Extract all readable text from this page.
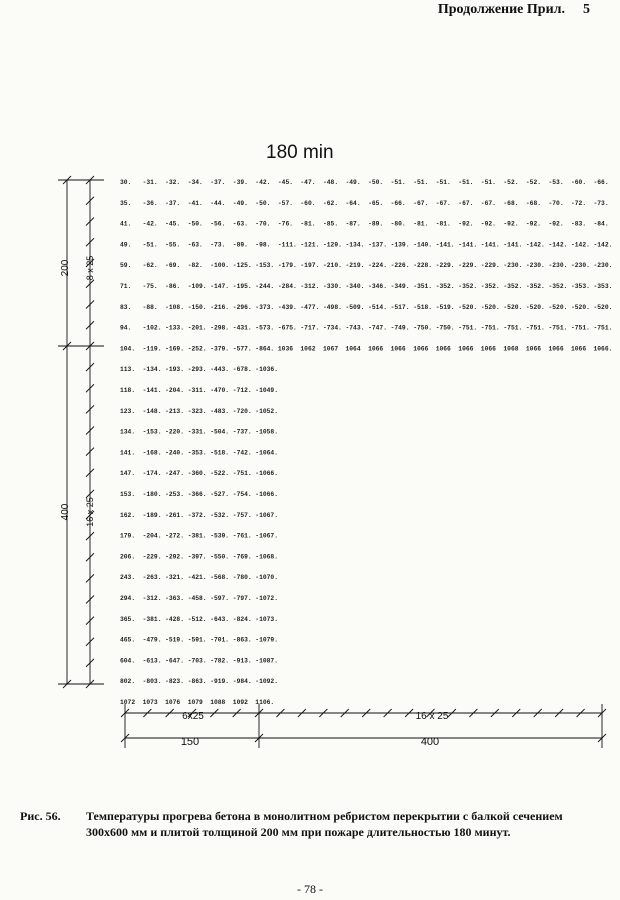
Продолжение Прил. 5
180 min
30. -31. -32. -34. -37. -39. -42. -45. -47. -48. -49. -50. -51. -51. -51. -51. -51. -52. -52. -53. -60. -66.
35. -36. -37. -41. -44. -49. -50. -57. -60. -62. -64. -65. -66. -67. -67. -67. -67. -68. -68. -70. -72. -73.
41. -42. -45. -50. -56. -63. -70. -76. -81. -85. -87. -89. -80. -81. -81. -92. -92. -92. -92. -92. -83. -84.
49. -51. -55. -63. -73. -89. -98. -111. -121. -129. -134. -137. -139. -140. -141. -141. -141. -141. -142. -142. -142. -142.
59. -62. -69. -82. -100. -125. -153. -179. -197. -210. -219. -224. -226. -228. -229. -229. -229. -230. -230. -230. -230. -230.
71. -75. -86. -109. -147. -195. -244. -284. -312. -330. -340. -346. -349. -351. -352. -352. -352. -352. -352. -352. -353. -353.
83. -88. -108. -150. -216. -296. -373. -439. -477. -498. -509. -514. -517. -518. -519. -520. -520. -520. -520. -520. -520. -520.
94. -102. -133. -201. -298. -431. -573. -675. -717. -734. -743. -747. -749. -750. -750. -751. -751. -751. -751. -751. -751. -751.
104. -119. -169. -252. -379. -577. -864. 1036 1062 1067 1064 1066 1066 1066 1066 1066 1066 1068 1066 1066 1066 1066.
113. -134. -193. -293. -443. -678. -1036.
118. -141. -204. -311. -470. -712. -1049.
123. -148. -213. -323. -483. -720. -1052.
134. -153. -220. -331. -504. -737. -1058.
141. -168. -240. -353. -518. -742. -1064.
147. -174. -247. -360. -522. -751. -1066.
153. -180. -253. -366. -527. -754. -1066.
162. -189. -261. -372. -532. -757. -1067.
179. -204. -272. -381. -539. -761. -1067.
206. -229. -292. -397. -550. -769. -1068.
243. -263. -321. -421. -568. -780. -1070.
294. -312. -363. -458. -597. -797. -1072.
365. -381. -428. -512. -643. -824. -1073.
465. -479. -519. -591. -701. -863. -1079.
604. -613. -647. -703. -782. -913. -1087.
802. -803. -823. -863. -919. -984. -1092.
1072 1073 1076 1079 1088 1092 1106.
200 8 x 25
400 16 x 25
6x25	16 x 25
150	400
Рис. 56. Температуры прогрева бетона в монолитном ребристом перекрытии с балкой сечением 300х600 мм и плитой толщиной 200 мм при пожаре длительностью 180 минут.
- 78 -
